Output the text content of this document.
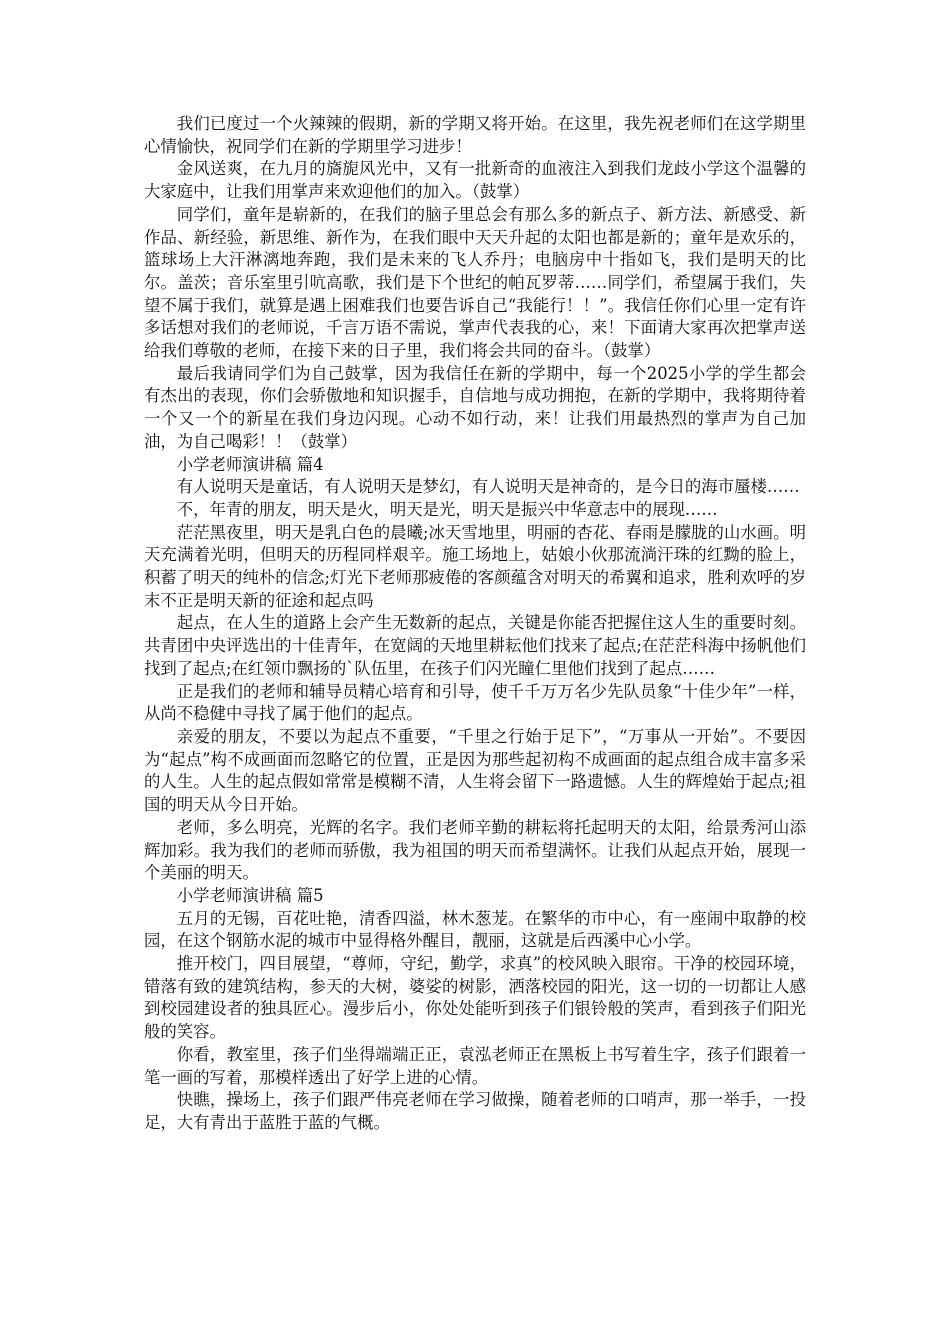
我们已度过一个火辣辣的假期，新的学期又将开始。在这里，我先祝老师们在这学期里心情愉快，祝同学们在新的学期里学习进步！

金风送爽，在九月的旖旎风光中，又有一批新奇的血液注入到我们龙歧小学这个温馨的大家庭中，让我们用掌声来欢迎他们的加入。（鼓掌）

同学们，童年是崭新的，在我们的脑子里总会有那么多的新点子、新方法、新感受、新作品、新经验，新思维、新作为，在我们眼中天天升起的太阳也都是新的；童年是欢乐的，篮球场上大汗淋漓地奔跑，我们是未来的飞人乔丹；电脑房中十指如飞，我们是明天的比尔。盖茨；音乐室里引吭高歌，我们是下个世纪的帕瓦罗蒂……同学们，希望属于我们，失望不属于我们，就算是遇上困难我们也要告诉自己“我能行！！”。我信任你们心里一定有许多话想对我们的老师说，千言万语不需说，掌声代表我的心，来！下面请大家再次把掌声送给我们尊敬的老师，在接下来的日子里，我们将会共同的奋斗。（鼓掌）

最后我请同学们为自己鼓掌，因为我信任在新的学期中，每一个2025小学的学生都会有杰出的表现，你们会骄傲地和知识握手，自信地与成功拥抱，在新的学期中，我将期待着一个又一个的新星在我们身边闪现。心动不如行动，来！让我们用最热烈的掌声为自己加油，为自己喝彩！！（鼓掌）

小学老师演讲稿 篇4

有人说明天是童话，有人说明天是梦幻，有人说明天是神奇的，是今日的海市蜃楼……

不，年青的朋友，明天是火，明天是光，明天是振兴中华意志中的展现……

茫茫黑夜里，明天是乳白色的晨曦;冰天雪地里，明丽的杏花、春雨是朦胧的山水画。明天充满着光明，但明天的历程同样艰辛。施工场地上，姑娘小伙那流淌汗珠的红黝的脸上，积蓄了明天的纯朴的信念;灯光下老师那疲倦的客颜蕴含对明天的希翼和追求，胜利欢呼的岁末不正是明天新的征途和起点吗

起点，在人生的道路上会产生无数新的起点，关键是你能否把握住这人生的重要时刻。共青团中央评选出的十佳青年，在宽阔的天地里耕耘他们找来了起点;在茫茫科海中扬帆他们找到了起点;在红领巾飘扬的`队伍里，在孩子们闪光瞳仁里他们找到了起点……

正是我们的老师和辅导员精心培育和引导，使千千万万名少先队员象“十佳少年”一样，从尚不稳健中寻找了属于他们的起点。

亲爱的朋友，不要以为起点不重要，“千里之行始于足下”，“万事从一开始”。不要因为“起点”构不成画面而忽略它的位置，正是因为那些起初构不成画面的起点组合成丰富多采的人生。人生的起点假如常常是模糊不清，人生将会留下一路遗憾。人生的辉煌始于起点;祖国的明天从今日开始。

老师，多么明亮，光辉的名字。我们老师辛勤的耕耘将托起明天的太阳，给景秀河山添辉加彩。我为我们的老师而骄傲，我为祖国的明天而希望满怀。让我们从起点开始，展现一个美丽的明天。

小学老师演讲稿 篇5

五月的无锡，百花吐艳，清香四溢，林木葱茏。在繁华的市中心，有一座闹中取静的校园，在这个钢筋水泥的城市中显得格外醒目，靓丽，这就是后西溪中心小学。

推开校门，四目展望，“尊师，守纪，勤学，求真”的校风映入眼帘。干净的校园环境，错落有致的建筑结构，参天的大树，婆娑的树影，洒落校园的阳光，这一切的一切都让人感到校园建设者的独具匠心。漫步后小，你处处能听到孩子们银铃般的笑声，看到孩子们阳光般的笑容。

你看，教室里，孩子们坐得端端正正，袁泓老师正在黑板上书写着生字，孩子们跟着一笔一画的写着，那模样透出了好学上进的心情。

快瞧，操场上，孩子们跟严伟亮老师在学习做操，随着老师的口哨声，那一举手，一投足，大有青出于蓝胜于蓝的气概。
